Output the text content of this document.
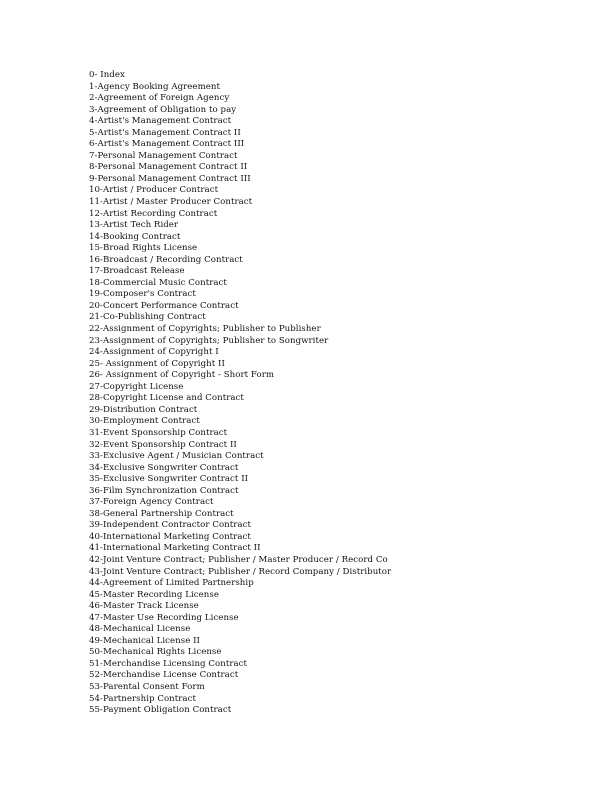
0- Index
1-Agency Booking Agreement
2-Agreement of Foreign Agency
3-Agreement of Obligation to pay
4-Artist's Management Contract
5-Artist's Management Contract II
6-Artist's Management Contract III
7-Personal Management Contract
8-Personal Management Contract II
9-Personal Management Contract III
10-Artist / Producer Contract
11-Artist / Master Producer Contract
12-Artist Recording Contract
13-Artist Tech Rider
14-Booking Contract
15-Broad Rights License
16-Broadcast / Recording Contract
17-Broadcast Release
18-Commercial Music Contract
19-Composer's Contract
20-Concert Performance Contract
21-Co-Publishing Contract
22-Assignment of Copyrights; Publisher to Publisher
23-Assignment of Copyrights; Publisher to Songwriter
24-Assignment of Copyright I
25- Assignment of Copyright II
26- Assignment of Copyright - Short Form
27-Copyright License
28-Copyright License and Contract
29-Distribution Contract
30-Employment Contract
31-Event Sponsorship Contract
32-Event Sponsorship Contract II
33-Exclusive Agent / Musician Contract
34-Exclusive Songwriter Contract
35-Exclusive Songwriter Contract II
36-Film Synchronization Contract
37-Foreign Agency Contract
38-General Partnership Contract
39-Independent Contractor Contract
40-International Marketing Contract
41-International Marketing Contract II
42-Joint Venture Contract; Publisher / Master Producer / Record Co
43-Joint Venture Contract; Publisher / Record Company / Distributor
44-Agreement of Limited Partnership
45-Master Recording License
46-Master Track License
47-Master Use Recording License
48-Mechanical License
49-Mechanical License II
50-Mechanical Rights License
51-Merchandise Licensing Contract
52-Merchandise License Contract
53-Parental Consent Form
54-Partnership Contract
55-Payment Obligation Contract
